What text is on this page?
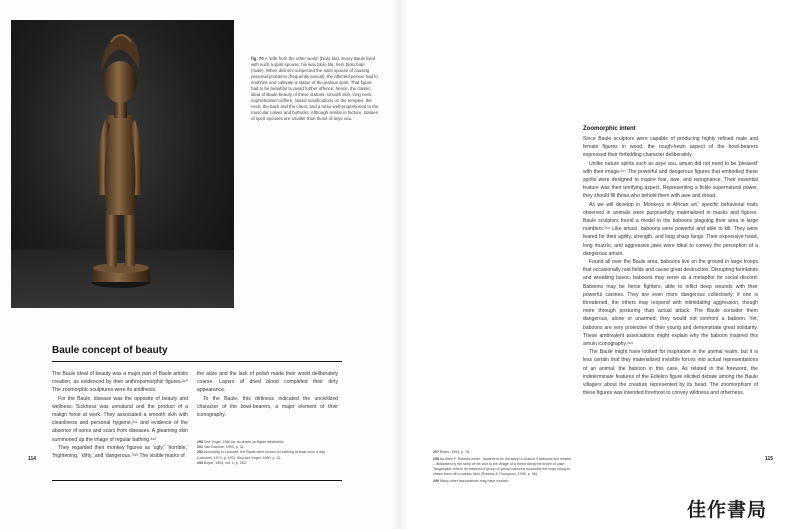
fig. 70 A ‘wife from the other world’ (blolo bla). Every Baule lived with such a spirit spouse; his was blolo bla, hers blolo bian (male). When diviners suspected the spirit spouse of causing personal problems (frequently sexual), the affected person had to enshrine and cultivate a statue of the jealous spirit. That figure had to be beautiful to avoid further offence; hence, the classic ideal of Baule beauty of these statues: smooth skin, long neck, sophisticated coiffure, raised scarifications on the temples, the neck, the back and the chest, and a torso well-proportioned to the muscular calves and buttocks. Although similar in facture, statues of spirit spouses are smaller than those of asye usu.
Baule concept of beauty

The Baule ideal of beauty was a major part of Baule artistic creation, as evidenced by their anthropomorphic figures.²⁹⁰ The zoomorphic sculptures were its antithesis.

For the Baule, disease was the opposite of beauty and wellness. Sickness was unnatural and the product of a malign force at work. They associated a smooth skin with cleanliness and personal hygiene,²⁹¹ and evidence of the absence of sores and scars from diseases. A gleaming skin summoned up the image of regular bathing.²⁹²

They regarded their monkey figures as ‘ugly,’ ‘horrible,’ ‘frightening,’ ‘dirty,’ and ‘dangerous.’²⁹³ The visible marks of

the adze and the lack of polish made their wood deliberately coarse. Layers of dried blood completed their dirty appearance.

To the Baule, this dirtiness indicated the uncivilized character of the bowl-bearers, a major element of their iconography.

290 See Vogel, 1980 for an article on Baule aesthetics.
291 Van Damme, 1993, p. 31.
292 According to Lalouvet, the Baule were known for bathing at least once a day (Lalouvet, 1974, p. 193). Also see Vogel, 1980, p. 14.
293 Boyer, 1993, vol. 1, p. 263.
114	115
Zoomorphic intent

Since Baule sculptors were capable of producing highly refined male and female figures in wood, the rough-hewn aspect of the bowl-bearers expressed their forbidding character deliberately.

Unlike nature spirits such as asye usu, amuin did not need to be ‘pleased’ with their image.²⁹⁷ The powerful and dangerous figures that embodied these spirits were designed to inspire fear, awe, and repugnance. Their essential feature was their terrifying aspect. Representing a fickle supernatural power, they should fill those who behold them with awe and dread.

As we will develop in ‘Monkeys in African art,’ specific behavioral traits observed in animals were purposefully materialized in masks and figures. Baule sculptors found a model in the baboons plaguing their area in large numbers.²⁹⁸ Like amuin, baboons were powerful and able to kill. They were feared for their agility, strength, and long sharp fangs. Their expressive head, long muzzle, and aggressive jaws were ideal to convey the perception of a dangerous amuin.

Found all over the Baule area, baboons live on the ground in large troops that occasionally raid fields and cause great destruction. Disrupting farmlands and wreaking havoc, baboons may serve as a metaphor for social discord. Baboons may be fierce fighters, able to inflict deep wounds with their powerful canines. They are even more dangerous collectively; if one is threatened, the others may respond with intimidating aggression, though more through posturing than actual attack. The Baule consider them dangerous, alone or unarmed; they would not confront a baboon. Yet, baboons are very protective of their young and demonstrate great solidarity. These ambivalent associations might explain why the baboon inspired this amuin iconography.²⁹⁹

The Baule might have looked for inspiration in the animal realm, but it is less certain that they materialized invisible forces into actual representations of an animal, the baboon in this case. As related in the foreword, the indeterminate features of the Ediekro figure elicited debate among the Baule villagers about the creature represented by its head. The zoomorphism of these figures was intended foremost to convey wildness and otherness.

297 Boyer, 1993, p. 28.
298 As Allen F. Roberts wrote: ‘Ianderiers do not stand a chance if baboons live nearby’ – illustrated by the story of his visit to the village of a friend along the shore of Lake Tanganyika, where he watched a group of yellow baboons hoodwink the boys trying to chase them off a manioc field (Roberts & Thompson, 1995, p. 96).
299 Many other associations may have existed.
佳作書局
